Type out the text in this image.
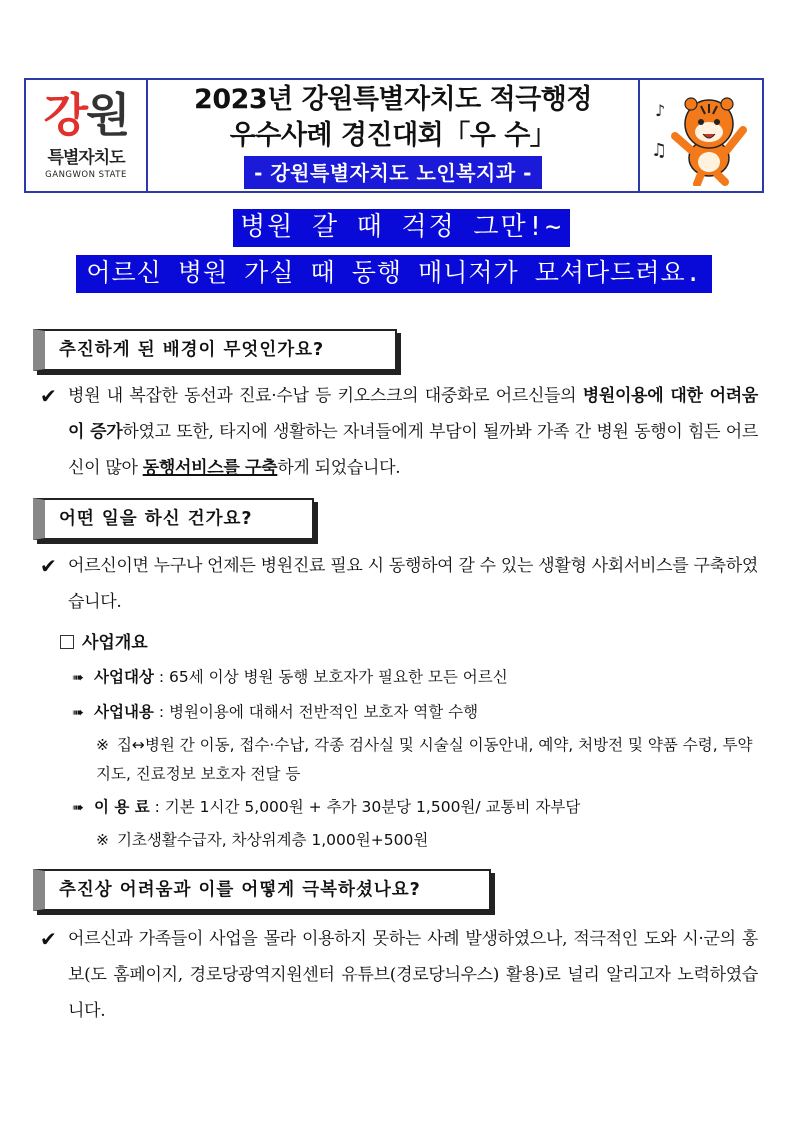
강원
특별자치도
GANGWON STATE
2023년 강원특별자치도 적극행정
우수사례 경진대회「우 수」
- 강원특별자치도 노인복지과 -
♪
♫
병원 갈 때 걱정 그만!~
어르신 병원 가실 때 동행 매니저가 모셔다드려요.
추진하게 된 배경이 무엇인가요?
✔ 병원 내 복잡한 동선과 진료·수납 등 키오스크의 대중화로 어르신들의 병원이용에 대한 어려움이 증가하였고 또한, 타지에 생활하는 자녀들에게 부담이 될까봐 가족 간 병원 동행이 힘든 어르신이 많아 동행서비스를 구축하게 되었습니다.
어떤 일을 하신 건가요?
✔ 어르신이면 누구나 언제든 병원진료 필요 시 동행하여 갈 수 있는 생활형 사회서비스를 구축하였습니다.
사업개요
➠ 사업대상 : 65세 이상 병원 동행 보호자가 필요한 모든 어르신
➠ 사업내용 : 병원이용에 대해서 전반적인 보호자 역할 수행
※ 집↔병원 간 이동, 접수·수납, 각종 검사실 및 시술실 이동안내, 예약, 처방전 및 약품 수령, 투약지도, 진료정보 보호자 전달 등
➠ 이 용 료 : 기본 1시간 5,000원 + 추가 30분당 1,500원/ 교통비 자부담
※ 기초생활수급자, 차상위계층 1,000원+500원
추진상 어려움과 이를 어떻게 극복하셨나요?
✔ 어르신과 가족들이 사업을 몰라 이용하지 못하는 사례 발생하였으나, 적극적인 도와 시·군의 홍보(도 홈페이지, 경로당광역지원센터 유튜브(경로당늬우스) 활용)로 널리 알리고자 노력하였습니다.
